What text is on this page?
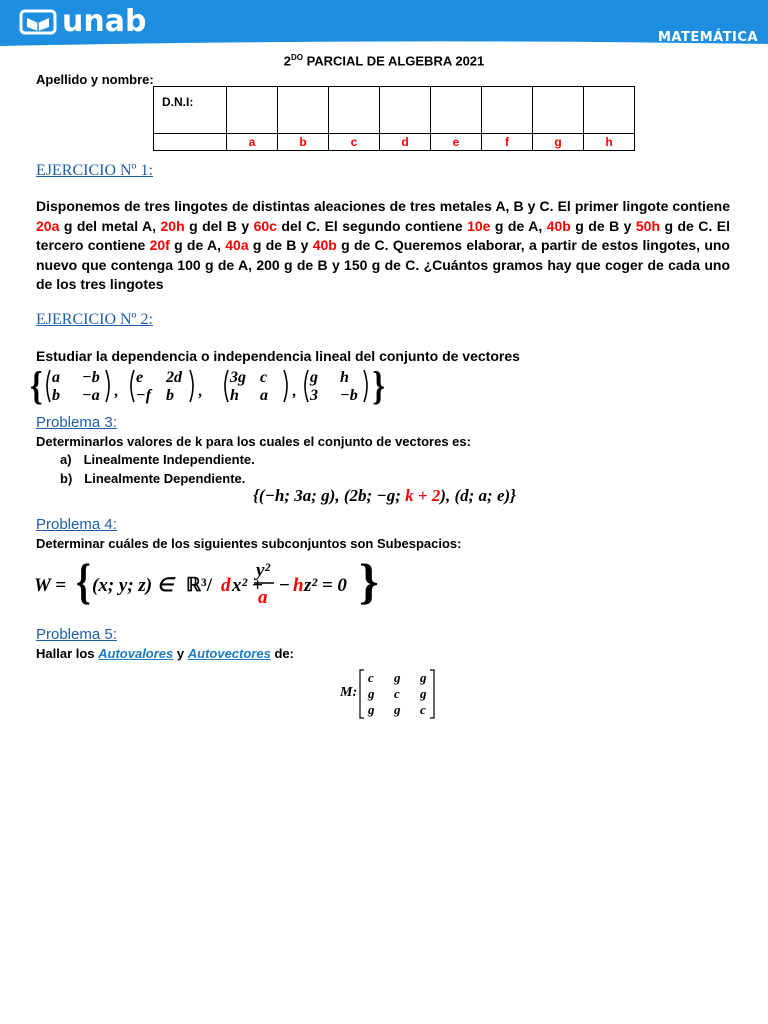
unab	MATEMÁTICA
$2^{DO}$ PARCIAL DE ALGEBRA 2021
Apellido y nombre:
D.N.I:								
	a	b	c	d	e	f	g	h
EJERCICIO Nº 1:
Disponemos de tres lingotes de distintas aleaciones de tres metales A, B y C. El primer lingote contiene 20a g del metal A, 20h g del B y 60c del C. El segundo contiene 10e g de A, 40b g de B y 50h g de C. El tercero contiene 20f g de A, 40a g de B y 40b g de C. Queremos elaborar, a partir de estos lingotes, uno nuevo que contenga 100 g de A, 200 g de B y 150 g de C. ¿Cuántos gramos hay que coger de cada uno de los tres lingotes
EJERCICIO Nº 2:
Estudiar la dependencia o independencia lineal del conjunto de vectores
{	}
a −b
b −a ,
e 2d
−f b ,
3g c
h a ,
g h
3 −b
Problema 3:
Determinarlos valores de k para los cuales el conjunto de vectores es:
a) Linealmente Independiente.
b) Linealmente Dependiente.
{(−h; 3a; g), (2b; −g; k + 2), (d; a; e)}
Problema 4:
Determinar cuáles de los siguientes subconjuntos son Subespacios:
W = { (x; y; z) ∈ ℝ³/ d x² +
y²
a
− h z² = 0 }
Problema 5:
Hallar los Autovalores y Autovectores de:
M:
c g g
g c g
g g c
